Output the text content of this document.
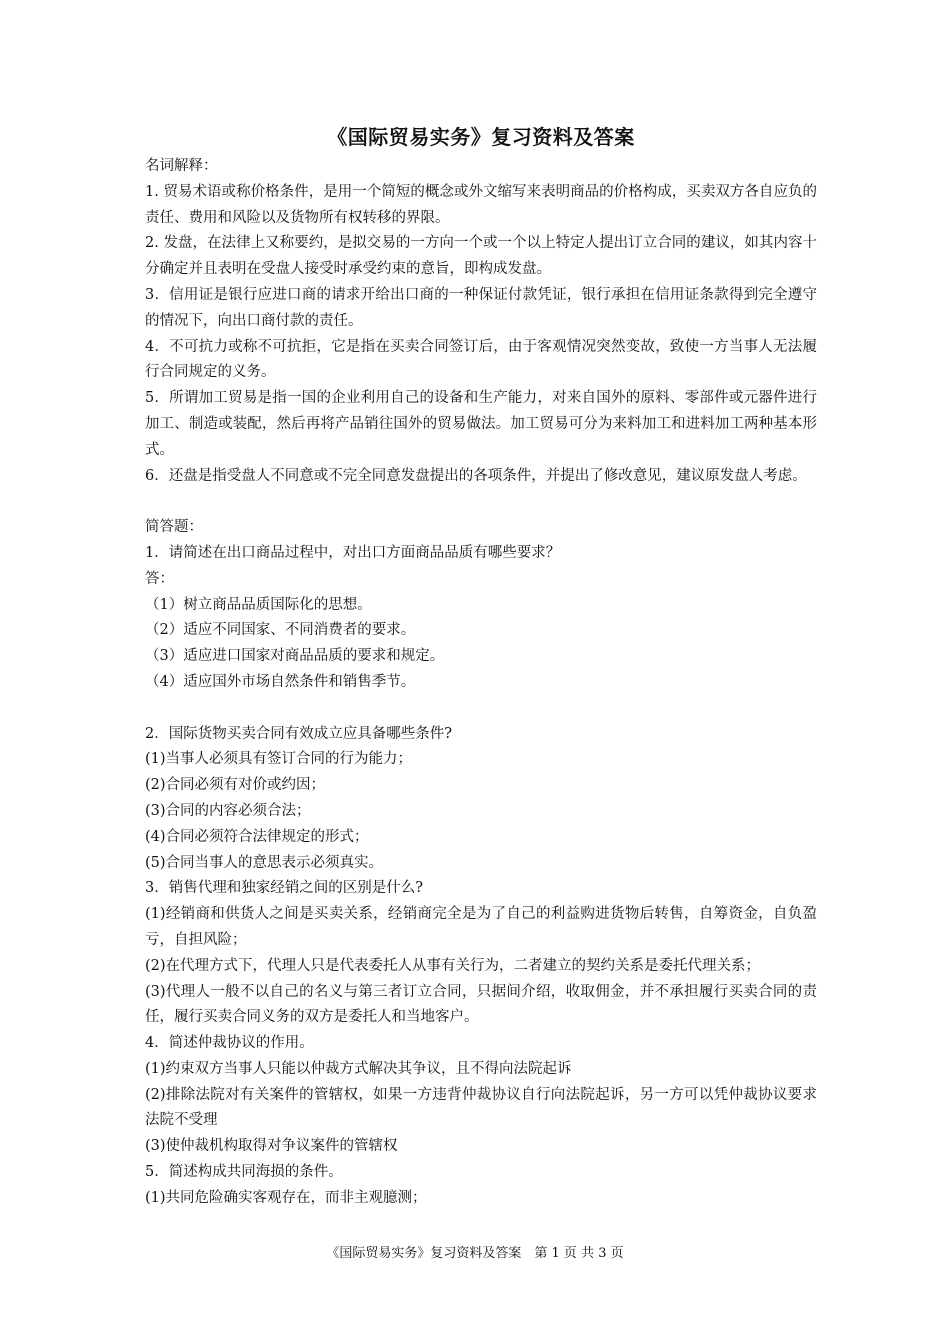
《国际贸易实务》复习资料及答案

名词解释：

1. 贸易术语或称价格条件，是用一个简短的概念或外文缩写来表明商品的价格构成，买卖双方各自应负的责任、费用和风险以及货物所有权转移的界限。

2. 发盘，在法律上又称要约，是拟交易的一方向一个或一个以上特定人提出订立合同的建议，如其内容十分确定并且表明在受盘人接受时承受约束的意旨，即构成发盘。

3．信用证是银行应进口商的请求开给出口商的一种保证付款凭证，银行承担在信用证条款得到完全遵守的情况下，向出口商付款的责任。

4．不可抗力或称不可抗拒，它是指在买卖合同签订后，由于客观情况突然变故，致使一方当事人无法履行合同规定的义务。

5．所谓加工贸易是指一国的企业利用自己的设备和生产能力，对来自国外的原料、零部件或元器件进行加工、制造或装配，然后再将产品销往国外的贸易做法。加工贸易可分为来料加工和进料加工两种基本形式。

6．还盘是指受盘人不同意或不完全同意发盘提出的各项条件，并提出了修改意见，建议原发盘人考虑。

简答题：

1．请简述在出口商品过程中，对出口方面商品品质有哪些要求？

答：

（1）树立商品品质国际化的思想。

（2）适应不同国家、不同消费者的要求。

（3）适应进口国家对商品品质的要求和规定。

（4）适应国外市场自然条件和销售季节。

2．国际货物买卖合同有效成立应具备哪些条件?

(1)当事人必须具有签订合同的行为能力；

(2)合同必须有对价或约因；

(3)合同的内容必须合法；

(4)合同必须符合法律规定的形式；

(5)合同当事人的意思表示必须真实。

3．销售代理和独家经销之间的区别是什么?

(1)经销商和供货人之间是买卖关系，经销商完全是为了自己的利益购进货物后转售，自筹资金，自负盈亏，自担风险；

(2)在代理方式下，代理人只是代表委托人从事有关行为，二者建立的契约关系是委托代理关系；

(3)代理人一般不以自己的名义与第三者订立合同，只据间介绍，收取佣金，并不承担履行买卖合同的责任，履行买卖合同义务的双方是委托人和当地客户。

4．简述仲裁协议的作用。

(1)约束双方当事人只能以仲裁方式解决其争议，且不得向法院起诉

(2)排除法院对有关案件的管辖权，如果一方违背仲裁协议自行向法院起诉，另一方可以凭仲裁协议要求法院不受理

(3)使仲裁机构取得对争议案件的管辖权

5．简述构成共同海损的条件。

(1)共同危险确实客观存在，而非主观臆测；

《国际贸易实务》复习资料及答案　第 1 页 共 3 页
